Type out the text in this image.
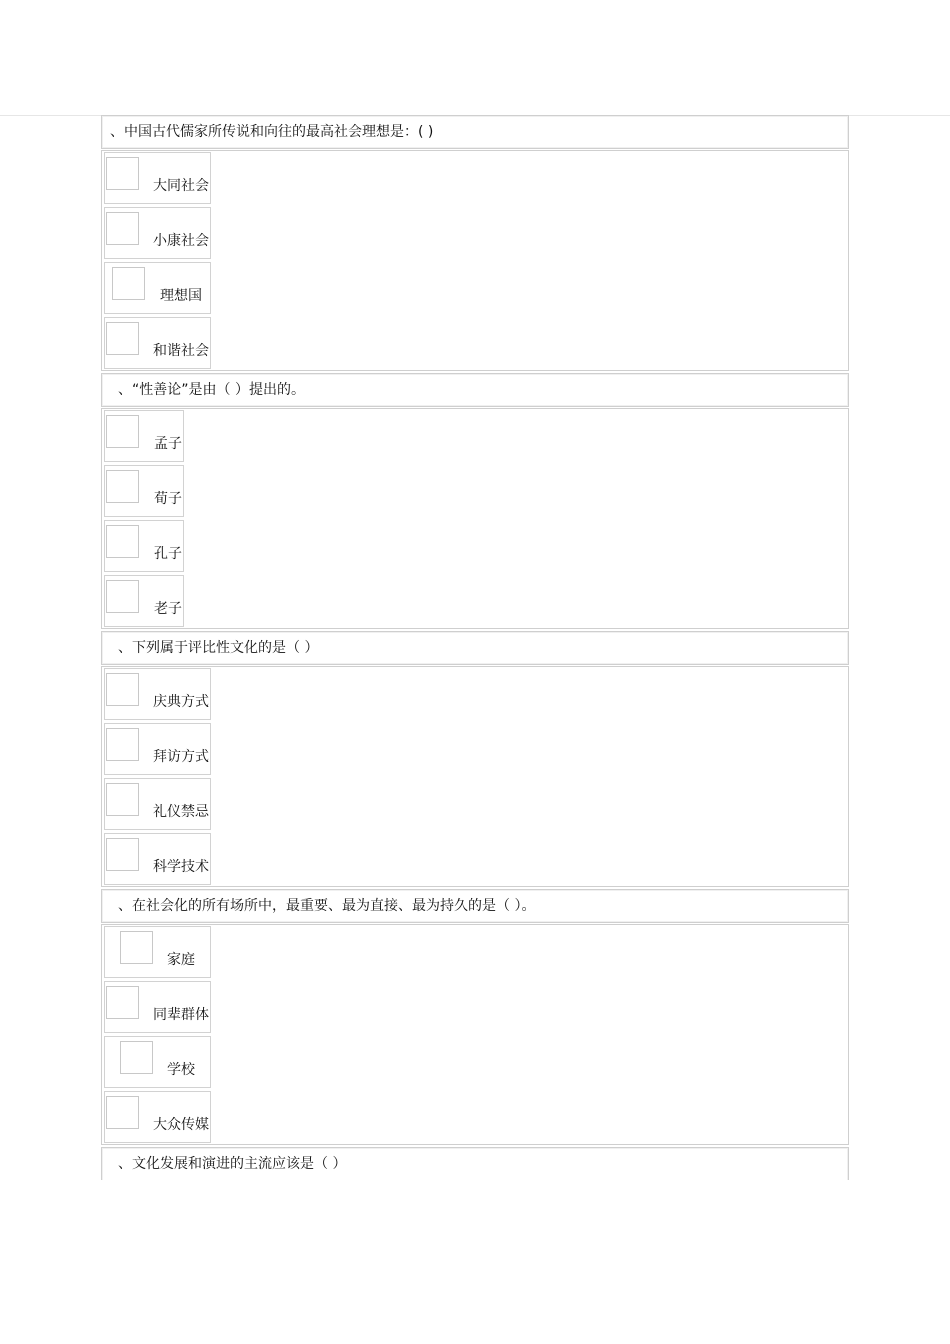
、中国古代儒家所传说和向往的最高社会理想是：( )
大同社会
小康社会
理想国
和谐社会
、“性善论”是由（ ）提出的。
孟子
荀子
孔子
老子
、下列属于评比性文化的是（ ）
庆典方式
拜访方式
礼仪禁忌
科学技术
、在社会化的所有场所中，最重要、最为直接、最为持久的是（ ）。
家庭
同辈群体
学校
大众传媒
、文化发展和演进的主流应该是（ ）
